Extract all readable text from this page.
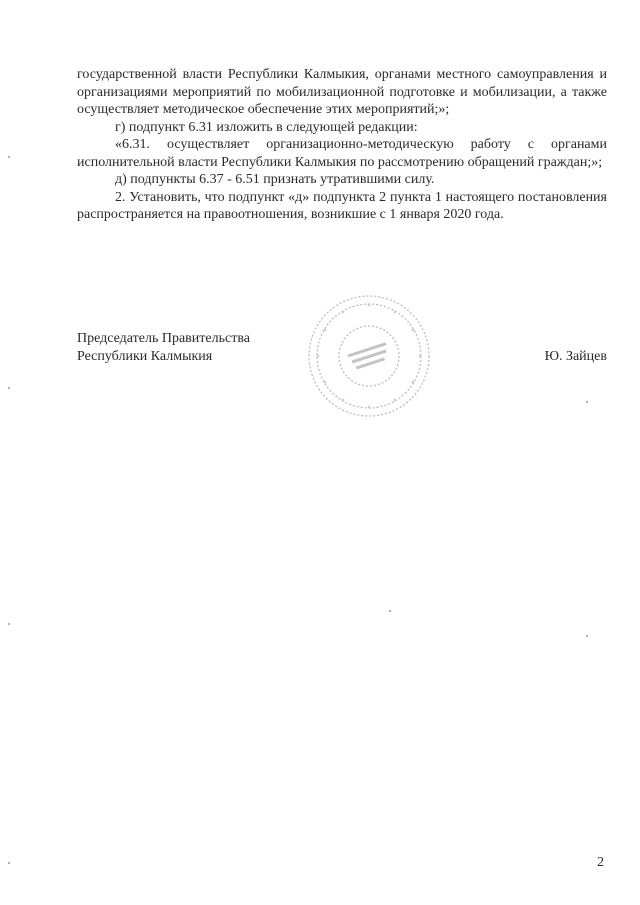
государственной власти Республики Калмыкия, органами местного самоуправления и организациями мероприятий по мобилизационной подготовке и мобилизации, а также осуществляет методическое обеспечение этих мероприятий;»;

г) подпункт 6.31 изложить в следующей редакции:

«6.31. осуществляет организационно-методическую работу с органами исполнительной власти Республики Калмыкия по рассмотрению обращений граждан;»;

д) подпункты 6.37 - 6.51 признать утратившими силу.

2. Установить, что подпункт «д» подпункта 2 пункта 1 настоящего постановления распространяется на правоотношения, возникшие с 1 января 2020 года.

Председатель Правительства

Республики Калмыкия	Ю. Зайцев
2
